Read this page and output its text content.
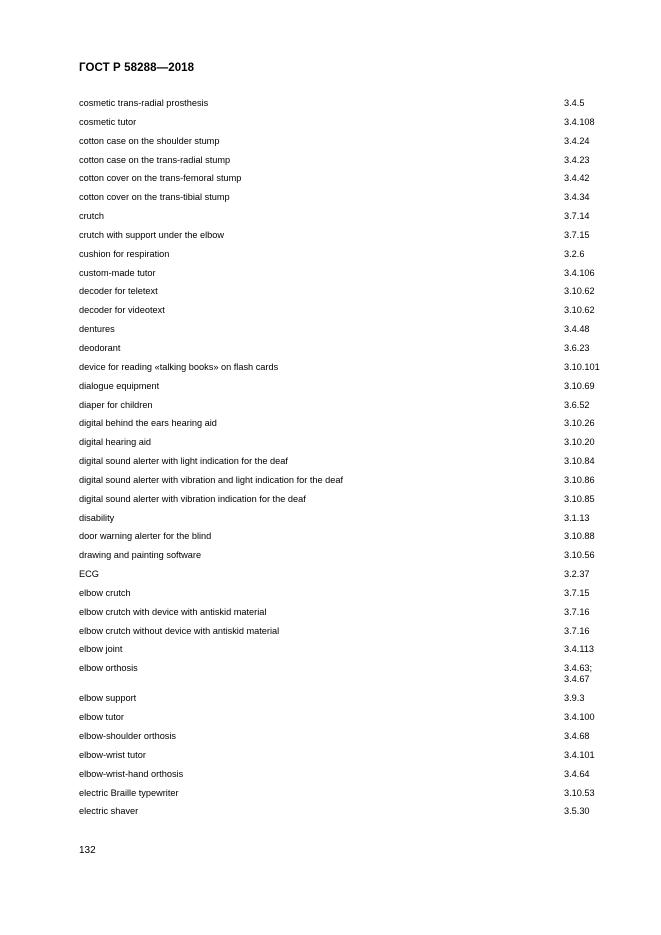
ГОСТ Р 58288—2018
cosmetic trans-radial prosthesis	3.4.5
cosmetic tutor	3.4.108
cotton case on the shoulder stump	3.4.24
cotton case on the trans-radial stump	3.4.23
cotton cover on the trans-femoral stump	3.4.42
cotton cover on the trans-tibial stump	3.4.34
crutch	3.7.14
crutch with support under the elbow	3.7.15
cushion for respiration	3.2.6
custom-made tutor	3.4.106
decoder for teletext	3.10.62
decoder for videotext	3.10.62
dentures	3.4.48
deodorant	3.6.23
device for reading «talking books» on flash cards	3.10.101
dialogue equipment	3.10.69
diaper for children	3.6.52
digital behind the ears hearing aid	3.10.26
digital hearing aid	3.10.20
digital sound alerter with light indication for the deaf	3.10.84
digital sound alerter with vibration and light indication for the deaf	3.10.86
digital sound alerter with vibration indication for the deaf	3.10.85
disability	3.1.13
door warning alerter for the blind	3.10.88
drawing and painting software	3.10.56
ECG	3.2.37
elbow crutch	3.7.15
elbow crutch with device with antiskid material	3.7.16
elbow crutch without device with antiskid material	3.7.16
elbow joint	3.4.113
elbow orthosis	3.4.63;
3.4.67
elbow support	3.9.3
elbow tutor	3.4.100
elbow-shoulder orthosis	3.4.68
elbow-wrist tutor	3.4.101
elbow-wrist-hand orthosis	3.4.64
electric Braille typewriter	3.10.53
electric shaver	3.5.30
132
